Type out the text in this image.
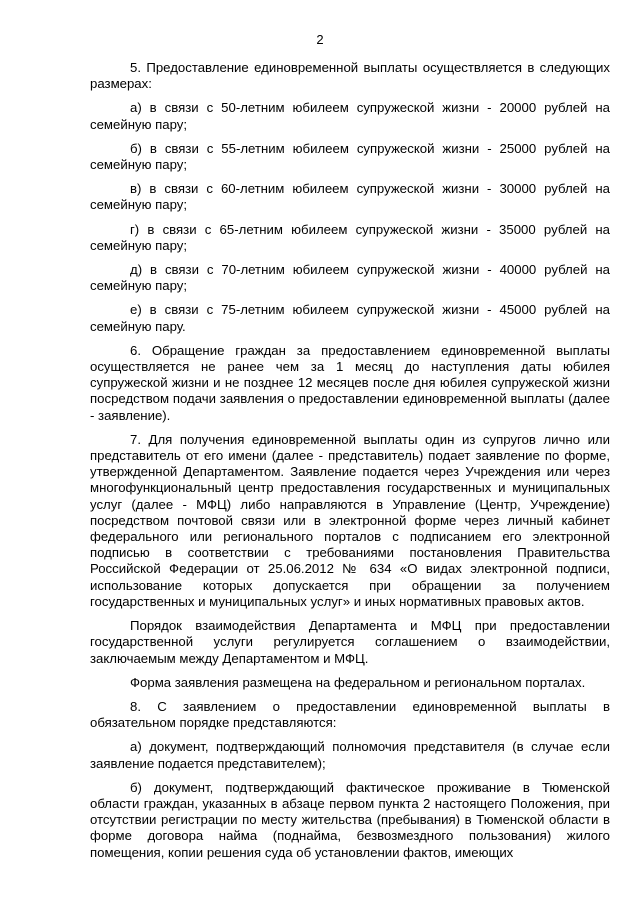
2

5. Предоставление единовременной выплаты осуществляется в следующих размерах:

а) в связи с 50-летним юбилеем супружеской жизни - 20000 рублей на семейную пару;

б) в связи с 55-летним юбилеем супружеской жизни - 25000 рублей на семейную пару;

в) в связи с 60-летним юбилеем супружеской жизни - 30000 рублей на семейную пару;

г) в связи с 65-летним юбилеем супружеской жизни - 35000 рублей на семейную пару;

д) в связи с 70-летним юбилеем супружеской жизни - 40000 рублей на семейную пару;

е) в связи с 75-летним юбилеем супружеской жизни - 45000 рублей на семейную пару.

6. Обращение граждан за предоставлением единовременной выплаты осуществляется не ранее чем за 1 месяц до наступления даты юбилея супружеской жизни и не позднее 12 месяцев после дня юбилея супружеской жизни посредством подачи заявления о предоставлении единовременной выплаты (далее - заявление).

7. Для получения единовременной выплаты один из супругов лично или представитель от его имени (далее - представитель) подает заявление по форме, утвержденной Департаментом. Заявление подается через Учреждения или через многофункциональный центр предоставления государственных и муниципальных услуг (далее - МФЦ) либо направляются в Управление (Центр, Учреждение) посредством почтовой связи или в электронной форме через личный кабинет федерального или регионального порталов с подписанием его электронной подписью в соответствии с требованиями постановления Правительства Российской Федерации от 25.06.2012 № 634 «О видах электронной подписи, использование которых допускается при обращении за получением государственных и муниципальных услуг» и иных нормативных правовых актов.

Порядок взаимодействия Департамента и МФЦ при предоставлении государственной услуги регулируется соглашением о взаимодействии, заключаемым между Департаментом и МФЦ.

Форма заявления размещена на федеральном и региональном порталах.

8. С заявлением о предоставлении единовременной выплаты в обязательном порядке представляются:

а) документ, подтверждающий полномочия представителя (в случае если заявление подается представителем);

б) документ, подтверждающий фактическое проживание в Тюменской области граждан, указанных в абзаце первом пункта 2 настоящего Положения, при отсутствии регистрации по месту жительства (пребывания) в Тюменской области в форме договора найма (поднайма, безвозмездного пользования) жилого помещения, копии решения суда об установлении фактов, имеющих
